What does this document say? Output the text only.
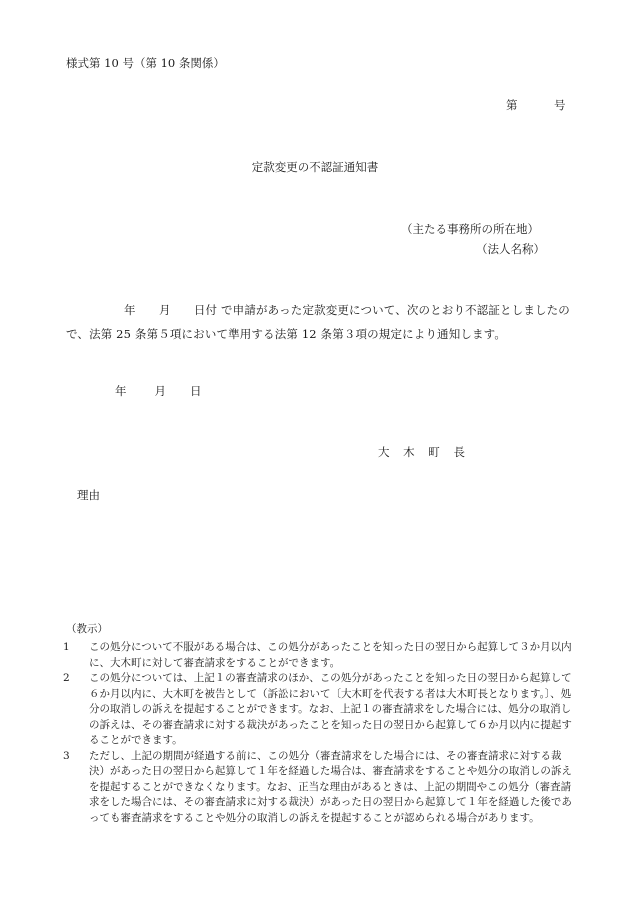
様式第 10 号（第 10 条関係）
第	号
定款変更の不認証通知書
（主たる事務所の所在地）
（法人名称）
年　　月　　日付 で申請があった定款変更について、次のとおり不認証としましたので、法第 25 条第５項において準用する法第 12 条第３項の規定により通知します。
年 月 日
大 木 町 長
理由
（教示）
1	この処分について不服がある場合は、この処分があったことを知った日の翌日から起算して３か月以内に、大木町に対して審査請求をすることができます。
2	この処分については、上記１の審査請求のほか、この処分があったことを知った日の翌日から起算して６か月以内に、大木町を被告として（訴訟において〔大木町を代表する者は大木町長となります。〕、処分の取消しの訴えを提起することができます。なお、上記１の審査請求をした場合には、処分の取消しの訴えは、その審査請求に対する裁決があったことを知った日の翌日から起算して６か月以内に提起することができます。
3	ただし、上記の期間が経過する前に、この処分（審査請求をした場合には、その審査請求に対する裁決）があった日の翌日から起算して１年を経過した場合は、審査請求をすることや処分の取消しの訴えを提起することができなくなります。なお、正当な理由があるときは、上記の期間やこの処分（審査請求をした場合には、その審査請求に対する裁決）があった日の翌日から起算して１年を経過した後であっても審査請求をすることや処分の取消しの訴えを提起することが認められる場合があります。
